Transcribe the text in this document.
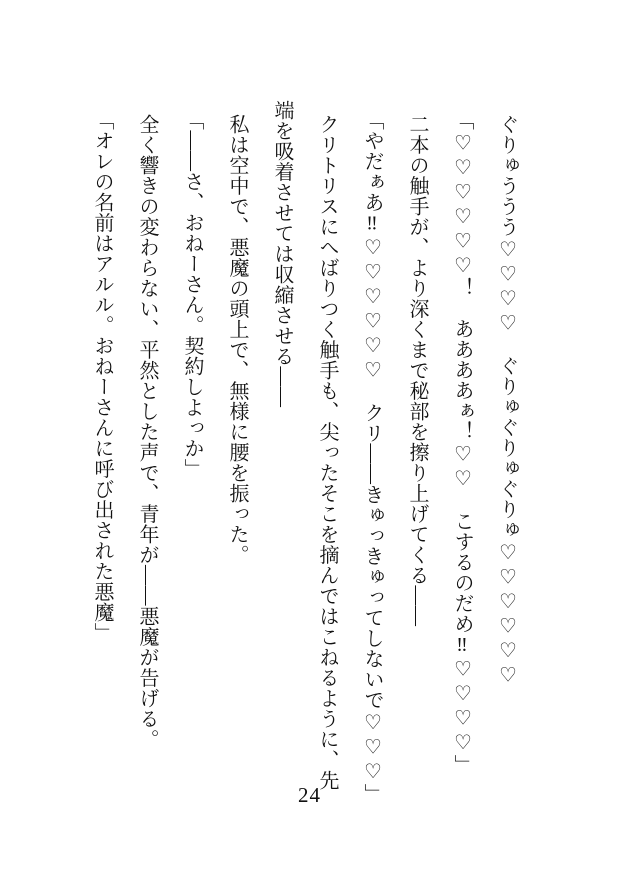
ぐりゅううう♡♡♡♡　ぐりゅぐりゅぐりゅ♡♡♡♡♡♡
「♡♡♡♡♡♡！　ああああぁ！♡♡　こするのだめ‼♡♡♡♡」
二本の触手が、より深くまで秘部を擦り上げてくる――
「やだぁあ‼♡♡♡♡♡♡　クリ――きゅっきゅってしないで♡♡♡」
クリトリスにへばりつく触手も、尖ったそこを摘んではこねるように、先
端を吸着させては収縮させる――
私は空中で、悪魔の頭上で、無様に腰を振った。
「――さ、おねーさん。契約しよっか」
全く響きの変わらない、平然とした声で、青年が――悪魔が告げる。
「オレの名前はアルル。おねーさんに呼び出された悪魔」
24
